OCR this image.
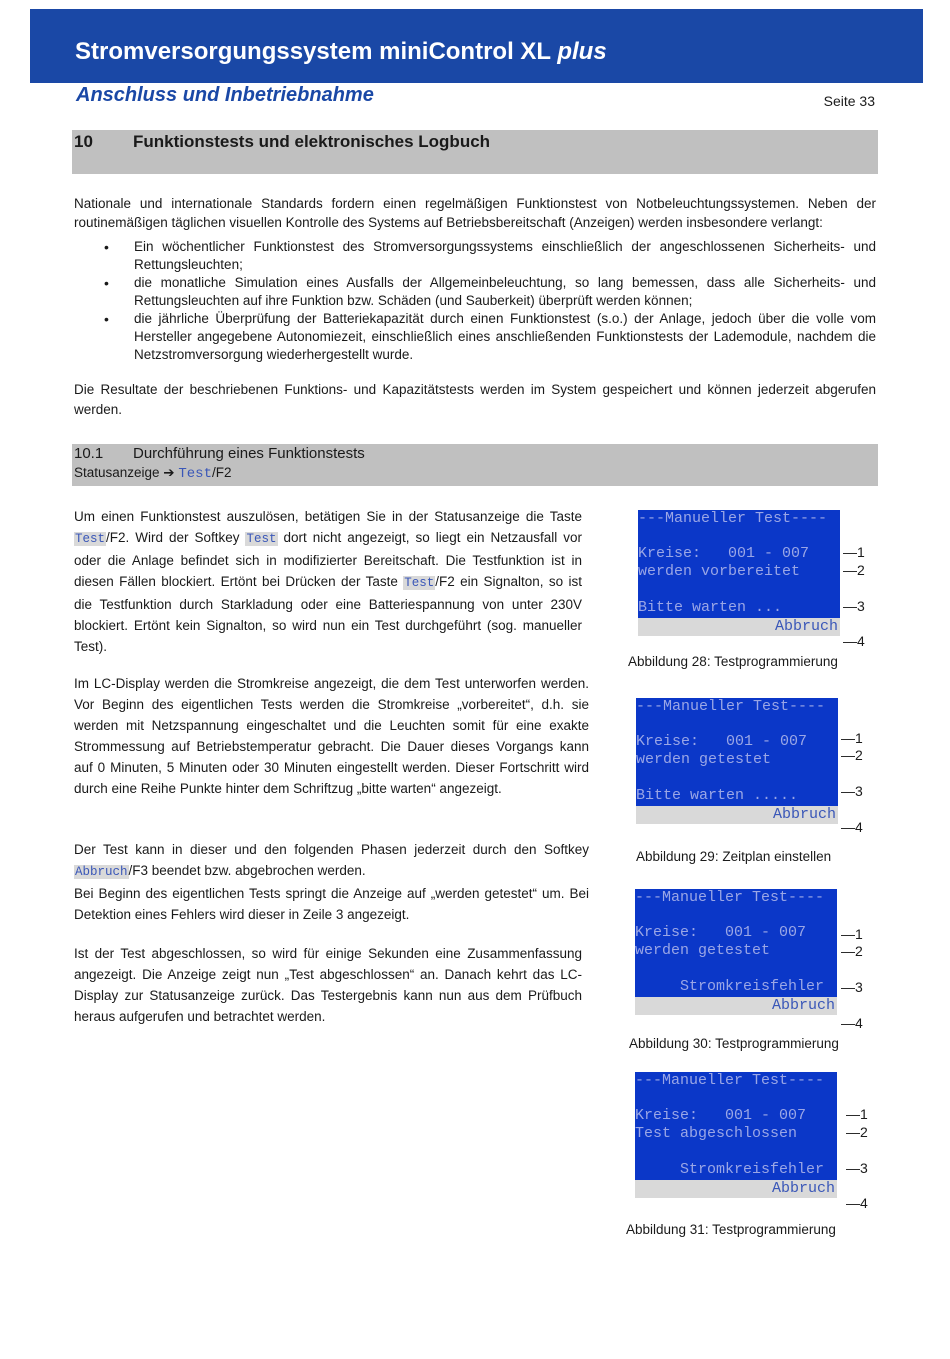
Stromversorgungssystem miniControl XL plus
Anschluss und Inbetriebnahme	Seite 33
10 Funktionstests und elektronisches Logbuch
Nationale und internationale Standards fordern einen regelmäßigen Funktionstest von Notbeleuchtungssystemen. Neben der routinemäßigen täglichen visuellen Kontrolle des Systems auf Betriebsbereitschaft (Anzeigen) werden insbesondere verlangt:
• Ein wöchentlicher Funktionstest des Stromversorgungssystems einschließlich der angeschlossenen Sicherheits- und Rettungsleuchten;
• die monatliche Simulation eines Ausfalls der Allgemeinbeleuchtung, so lang bemessen, dass alle Sicherheits- und Rettungsleuchten auf ihre Funktion bzw. Schäden (und Sauberkeit) überprüft werden können;
• die jährliche Überprüfung der Batteriekapazität durch einen Funktionstest (s.o.) der Anlage, jedoch über die volle vom Hersteller angegebene Autonomiezeit, einschließlich eines anschließenden Funktionstests der Lademodule, nachdem die Netzstromversorgung wiederhergestellt wurde.
Die Resultate der beschriebenen Funktions- und Kapazitätstests werden im System gespeichert und können jederzeit abgerufen werden.
10.1 Durchführung eines Funktionstests
Statusanzeige ➔ Test/F2
Um einen Funktionstest auszulösen, betätigen Sie in der Statusanzeige die Taste Test/F2. Wird der Softkey Test dort nicht angezeigt, so liegt ein Netzausfall vor oder die Anlage befindet sich in modifizierter Bereitschaft. Die Testfunktion ist in diesen Fällen blockiert. Ertönt bei Drücken der Taste Test/F2 ein Signalton, so ist die Testfunktion durch Starkladung oder eine Batteriespannung von unter 230V blockiert. Ertönt kein Signalton, so wird nun ein Test durchgeführt (sog. manueller Test).
Im LC-Display werden die Stromkreise angezeigt, die dem Test unterworfen werden. Vor Beginn des eigentlichen Tests werden die Stromkreise „vorbereitet“, d.h. sie werden mit Netzspannung eingeschaltet und die Leuchten somit für eine exakte Strommessung auf Betriebstemperatur gebracht. Die Dauer dieses Vorgangs kann auf 0 Minuten, 5 Minuten oder 30 Minuten eingestellt werden. Dieser Fortschritt wird durch eine Reihe Punkte hinter dem Schriftzug „bitte warten“ angezeigt.
Der Test kann in dieser und den folgenden Phasen jederzeit durch den Softkey Abbruch/F3 beendet bzw. abgebrochen werden.
Bei Beginn des eigentlichen Tests springt die Anzeige auf „werden getestet“ um. Bei Detektion eines Fehlers wird dieser in Zeile 3 angezeigt.
Ist der Test abgeschlossen, so wird für einige Sekunden eine Zusammenfassung angezeigt. Die Anzeige zeigt nun „Test abgeschlossen“ an. Danach kehrt das LC-Display zur Statusanzeige zurück. Das Testergebnis kann nun aus dem Prüfbuch heraus aufgerufen und betrachtet werden.
---Manueller Test----
Kreise:   001 - 007
werden vorbereitet
Bitte warten ...
Abbruch
—1
—2
—3
—4
Abbildung 28: Testprogrammierung
---Manueller Test----
Kreise:   001 - 007
werden getestet
Bitte warten .....
Abbruch
—1
—2
—3
—4
Abbildung 29: Zeitplan einstellen
---Manueller Test----
Kreise:   001 - 007
werden getestet
Stromkreisfehler
Abbruch
—1
—2
—3
—4
Abbildung 30: Testprogrammierung
---Manueller Test----
Kreise:   001 - 007
Test abgeschlossen
Stromkreisfehler
Abbruch
—1
—2
—3
—4
Abbildung 31: Testprogrammierung
